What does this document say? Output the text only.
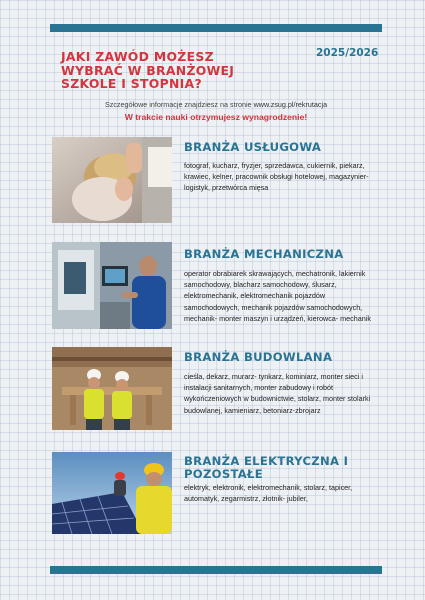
JAKI ZAWÓD MOŻESZ
WYBRAĆ W BRANŻOWEJ
SZKOLE I STOPNIA?
2025/2026
Szczegółowe informacje znajdziesz na stronie www.zsug.pl/rekrutacja
W trakcie nauki otrzymujesz wynagrodzenie!
BRANŻA USŁUGOWA

fotograf, kucharz, fryzjer, sprzedawca, cukiernik, piekarz, krawiec, kelner, pracownik obsługi hotelowej, magazynier- logistyk, przetwórca mięsa

BRANŻA MECHANICZNA

operator obrabiarek skrawających, mechatronik, lakiernik samochodowy, blacharz samochodowy, ślusarz, elektromechanik, elektromechanik pojazdów samochodowych, mechanik pojazdów samochodowych, mechanik- monter maszyn i urządzeń, kierowca- mechanik

BRANŻA BUDOWLANA

cieśla, dekarz, murarz- tynkarz, kominiarz, monter sieci i instalacji sanitarnych, monter zabudowy i robót wykończeniowych w budownictwie, stolarz, monter stolarki budowlanej, kamieniarz, betoniarz-zbrojarz

BRANŻA ELEKTRYCZNA I POZOSTAŁE

elektryk, elektronik, elektromechanik, stolarz, tapicer, automatyk, zegarmistrz, złotnik- jubiler,
